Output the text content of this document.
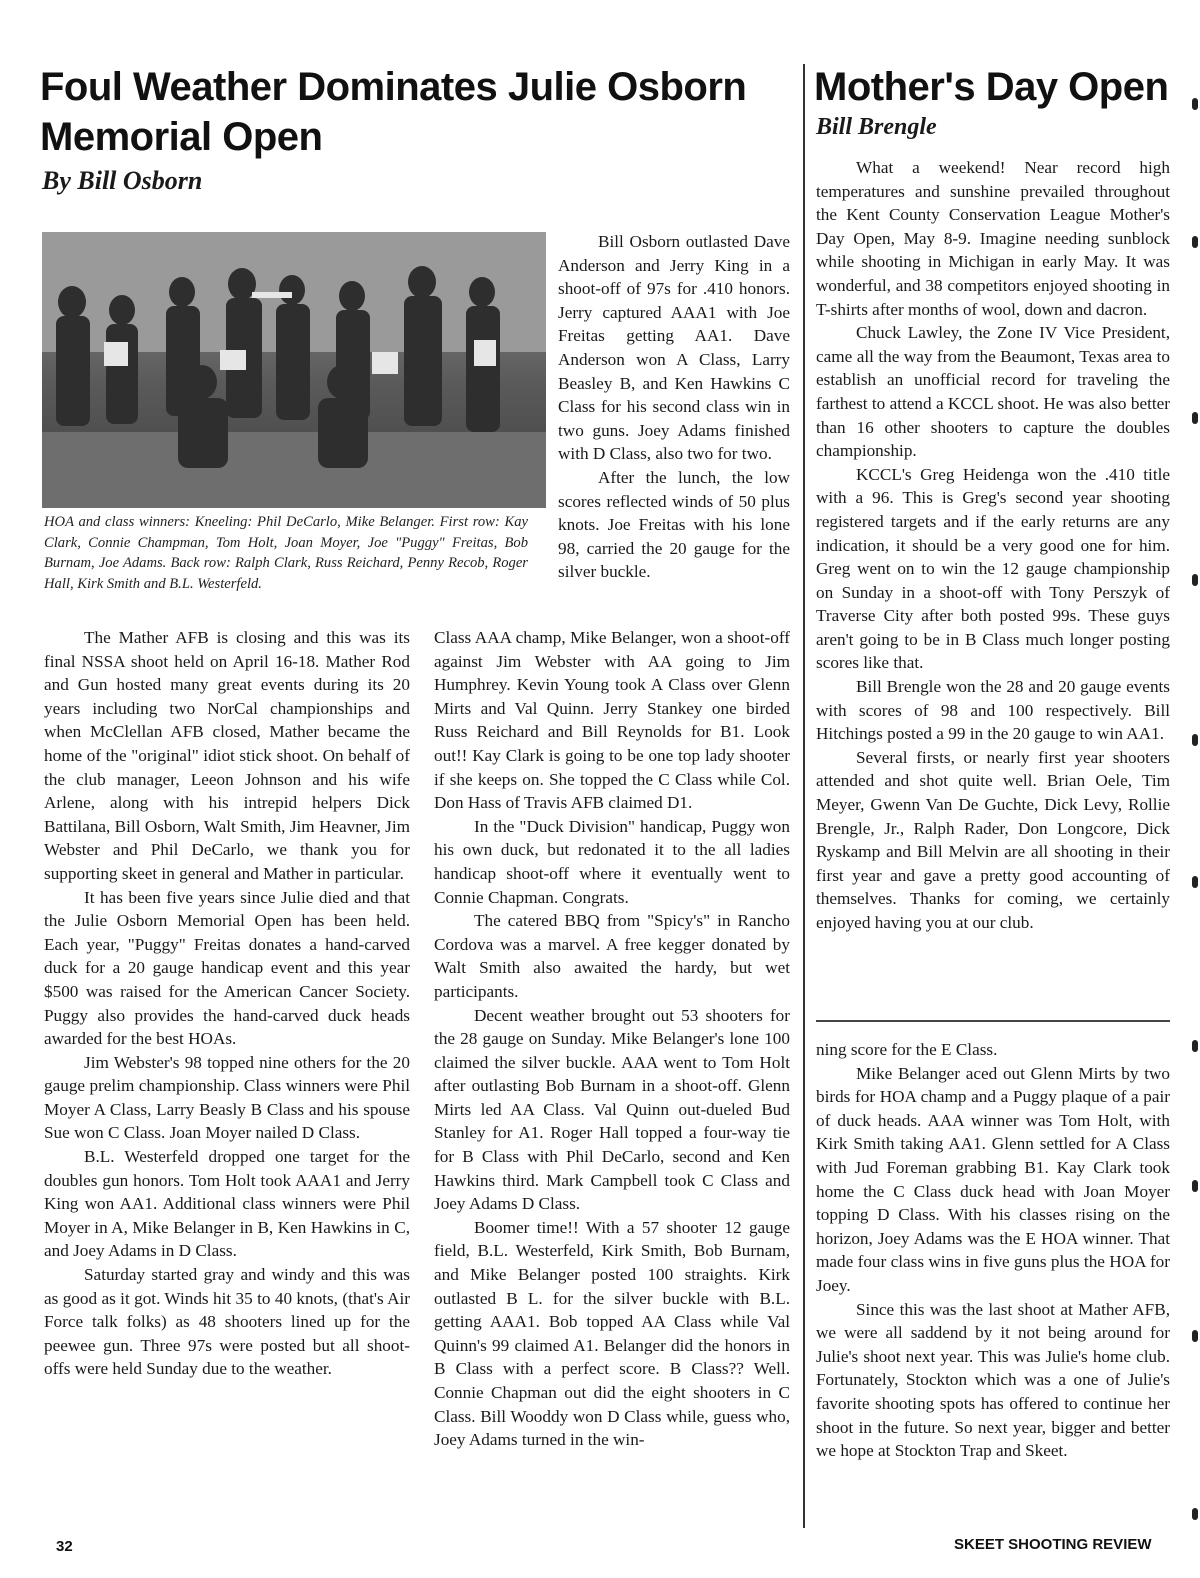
Foul Weather Dominates Julie Osborn
Memorial Open
By Bill Osborn
HOA and class winners: Kneeling: Phil DeCarlo, Mike Belanger. First row: Kay Clark, Connie Champman, Tom Holt, Joan Moyer, Joe "Puggy" Freitas, Bob Burnam, Joe Adams. Back row: Ralph Clark, Russ Reichard, Penny Recob, Roger Hall, Kirk Smith and B.L. Westerfeld.

Bill Osborn outlasted Dave Anderson and Jerry King in a shoot-off of 97s for .410 honors. Jerry captured AAA1 with Joe Freitas getting AA1. Dave Anderson won A Class, Larry Beasley B, and Ken Hawkins C Class for his second class win in two guns. Joey Adams finished with D Class, also two for two.

After the lunch, the low scores reflected winds of 50 plus knots. Joe Freitas with his lone 98, carried the 20 gauge for the silver buckle.

The Mather AFB is closing and this was its final NSSA shoot held on April 16-18. Mather Rod and Gun hosted many great events during its 20 years including two NorCal championships and when McClellan AFB closed, Mather became the home of the "original" idiot stick shoot. On behalf of the club manager, Leeon Johnson and his wife Arlene, along with his intrepid helpers Dick Battilana, Bill Osborn, Walt Smith, Jim Heavner, Jim Webster and Phil DeCarlo, we thank you for supporting skeet in general and Mather in particular.

It has been five years since Julie died and that the Julie Osborn Memorial Open has been held. Each year, "Puggy" Freitas donates a hand-carved duck for a 20 gauge handicap event and this year $500 was raised for the American Cancer Society. Puggy also provides the hand-carved duck heads awarded for the best HOAs.

Jim Webster's 98 topped nine others for the 20 gauge prelim championship. Class winners were Phil Moyer A Class, Larry Beasly B Class and his spouse Sue won C Class. Joan Moyer nailed D Class.

B.L. Westerfeld dropped one target for the doubles gun honors. Tom Holt took AAA1 and Jerry King won AA1. Additional class winners were Phil Moyer in A, Mike Belanger in B, Ken Hawkins in C, and Joey Adams in D Class.

Saturday started gray and windy and this was as good as it got. Winds hit 35 to 40 knots, (that's Air Force talk folks) as 48 shooters lined up for the peewee gun. Three 97s were posted but all shoot-offs were held Sunday due to the weather.

Class AAA champ, Mike Belanger, won a shoot-off against Jim Webster with AA going to Jim Humphrey. Kevin Young took A Class over Glenn Mirts and Val Quinn. Jerry Stankey one birded Russ Reichard and Bill Reynolds for B1. Look out!! Kay Clark is going to be one top lady shooter if she keeps on. She topped the C Class while Col. Don Hass of Travis AFB claimed D1.

In the "Duck Division" handicap, Puggy won his own duck, but redonated it to the all ladies handicap shoot-off where it eventually went to Connie Chapman. Congrats.

The catered BBQ from "Spicy's" in Rancho Cordova was a marvel. A free kegger donated by Walt Smith also awaited the hardy, but wet participants.

Decent weather brought out 53 shooters for the 28 gauge on Sunday. Mike Belanger's lone 100 claimed the silver buckle. AAA went to Tom Holt after outlasting Bob Burnam in a shoot-off. Glenn Mirts led AA Class. Val Quinn out-dueled Bud Stanley for A1. Roger Hall topped a four-way tie for B Class with Phil DeCarlo, second and Ken Hawkins third. Mark Campbell took C Class and Joey Adams D Class.

Boomer time!! With a 57 shooter 12 gauge field, B.L. Westerfeld, Kirk Smith, Bob Burnam, and Mike Belanger posted 100 straights. Kirk outlasted B L. for the silver buckle with B.L. getting AAA1. Bob topped AA Class while Val Quinn's 99 claimed A1. Belanger did the honors in B Class with a perfect score. B Class?? Well. Connie Chapman out did the eight shooters in C Class. Bill Wooddy won D Class while, guess who, Joey Adams turned in the win-

Mother's Day Open
Bill Brengle

What a weekend! Near record high temperatures and sunshine prevailed throughout the Kent County Conservation League Mother's Day Open, May 8-9. Imagine needing sunblock while shooting in Michigan in early May. It was wonderful, and 38 competitors enjoyed shooting in T-shirts after months of wool, down and dacron.

Chuck Lawley, the Zone IV Vice President, came all the way from the Beaumont, Texas area to establish an unofficial record for traveling the farthest to attend a KCCL shoot. He was also better than 16 other shooters to capture the doubles championship.

KCCL's Greg Heidenga won the .410 title with a 96. This is Greg's second year shooting registered targets and if the early returns are any indication, it should be a very good one for him. Greg went on to win the 12 gauge championship on Sunday in a shoot-off with Tony Perszyk of Traverse City after both posted 99s. These guys aren't going to be in B Class much longer posting scores like that.

Bill Brengle won the 28 and 20 gauge events with scores of 98 and 100 respectively. Bill Hitchings posted a 99 in the 20 gauge to win AA1.

Several firsts, or nearly first year shooters attended and shot quite well. Brian Oele, Tim Meyer, Gwenn Van De Guchte, Dick Levy, Rollie Brengle, Jr., Ralph Rader, Don Longcore, Dick Ryskamp and Bill Melvin are all shooting in their first year and gave a pretty good accounting of themselves. Thanks for coming, we certainly enjoyed having you at our club.

ning score for the E Class.

Mike Belanger aced out Glenn Mirts by two birds for HOA champ and a Puggy plaque of a pair of duck heads. AAA winner was Tom Holt, with Kirk Smith taking AA1. Glenn settled for A Class with Jud Foreman grabbing B1. Kay Clark took home the C Class duck head with Joan Moyer topping D Class. With his classes rising on the horizon, Joey Adams was the E HOA winner. That made four class wins in five guns plus the HOA for Joey.

Since this was the last shoot at Mather AFB, we were all saddend by it not being around for Julie's shoot next year. This was Julie's home club. Fortunately, Stockton which was a one of Julie's favorite shooting spots has offered to continue her shoot in the future. So next year, bigger and better we hope at Stockton Trap and Skeet.

32	SKEET SHOOTING REVIEW
